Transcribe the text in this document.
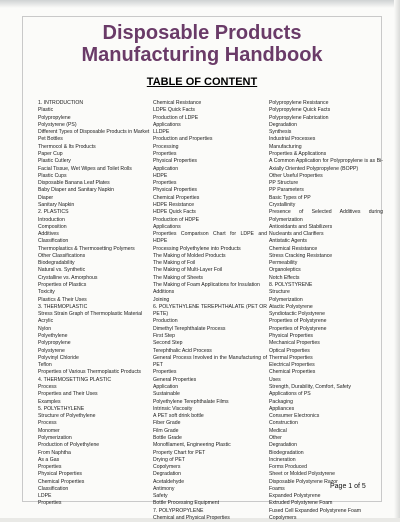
Disposable Products
Manufacturing Handbook
TABLE OF CONTENT
1. INTRODUCTION
Plastic
Polypropylene
Polystyrene (PS)
Different Types of Disposable Products in Market
Pet Bottles
Thermocol & Its Products
Paper Cup
Plastic Cutlery
Facial Tissue, Wet Wipes and Toilet Rolls
Plastic Cups
Disposable Banana Leaf Plates
Baby Diaper and Sanitary Napkin
Diaper
Sanitary Napkin
2. PLASTICS
Introduction
Composition
Additives
Classification
Thermoplastics & Thermosetting Polymers
Other Classifications
Biodegradability
Natural vs. Synthetic
Crystalline vs. Amorphous
Properties of Plastics
Toxicity
Plastics & Their Uses
3. THERMOPLASTIC
Stress Strain Graph of Thermoplastic Material
Acrylic
Nylon
Polyethylene
Polypropylene
Polystyrene
Polyvinyl Chloride
Teflon
Properties of Various Thermoplastic Products
4. THERMOSETTING PLASTIC
Process
Properties and Their Uses
Examples
5. POLYETHYLENE
Structure of Polyethylene
Process
Monomer
Polymerization
Production of Polyethylene
From Naphtha
As a Gas
Properties
Physical Properties
Chemical Properties
Classification
LDPE
Properties
Chemical Resistance
LDPE Quick Facts
Production of LDPE
Applications
LLDPE
Production and Properties
Processing
Properties
Physical Properties
Application
HDPE
Properties
Physical Properties
Chemical Properties
HDPE Resistance
HDPE Quick Facts
Production of HDPE
Applications
Properties Comparison Chart for LDPE and HDPE
Processing Polyethylene into Products
The Making of Molded Products
The Making of Foil
The Making of Multi-Layer Foil
The Making of Sheets
The Making of Foam Applications for Insulation
Additions
Joining
6. POLYETHYLENE TEREPHTHALATE (PET OR PETE)
Production
Dimethyl Terephthalate Process
First Step
Second Step
Terephthalic Acid Process
General Process Involved in the Manufacturing of PET
Properties
General Properties
Application
Sustainable
Polyethylene Terephthalate Films
Intrinsic Viscosity
A PET soft drink bottle
Fiber Grade
Film Grade
Bottle Grade
Monofilament, Engineering Plastic
Property Chart for PET
Drying of PET
Copolymers
Degradation
Acetaldehyde
Antimony
Safety
Bottle Processing Equipment
7. POLYPROPYLENE
Chemical and Physical Properties
Polypropylene Resistance
Polypropylene Quick Facts
Polypropylene Fabrication
Degradation
Synthesis
Industrial Processes
Manufacturing
Properties & Applications
A Common Application for Polypropylene is as Bi-Axially Oriented Polypropylene (BOPP)
Other Useful Properties
PP Structure
PP Parameters
Basic Types of PP
Crystallinity
Presence of Selected Additives during Polymerization
Antioxidants and Stabilizers
Nucleants and Clarifiers
Antistatic Agents
Chemical Resistance
Stress Cracking Resistance
Permeability
Organoleptics
Notch Effects
8. POLYSTYRENE
Structure
Polymerization
Atactic Polystyrene
Syndiotactic Polystyrene
Properties of Polystyrene
Properties of Polystyrene
Physical Properties
Mechanical Properties
Optical Properties
Thermal Properties
Electrical Properties
Chemical Properties
Uses
Strength, Durability, Comfort, Safety
Applications of PS
Packaging
Appliances
Consumer Electronics
Construction
Medical
Other
Degradation
Biodegradation
Incineration
Forms Produced
Sheet or Molded Polystyrene
Disposable Polystyrene Razor
Foams
Expanded Polystyrene
Extruded Polystyrene Foam
Fused Cell Expanded Polystyrene Foam
Copolymers
Page 1 of 5
